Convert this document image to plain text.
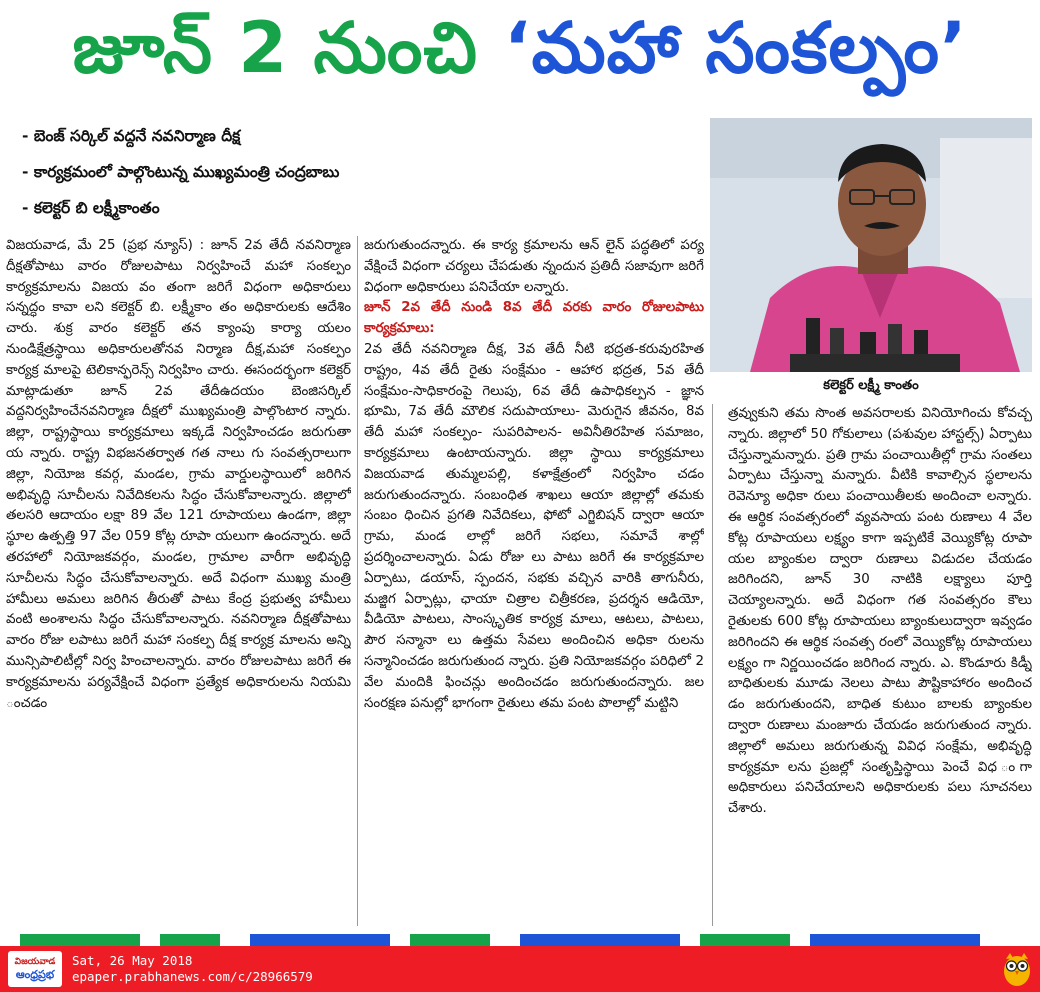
జూన్ 2 నుంచి ‘మహా సంకల్పం’
- బెంజ్ సర్కిల్ వద్దనే నవనిర్మాణ దీక్ష
- కార్యక్రమంలో పాల్గొంటున్న ముఖ్యమంత్రి చంద్రబాబు
- కలెక్టర్ బి లక్ష్మీకాంతం
కలెక్టర్ లక్ష్మీ కాంతం

విజయవాడ, మే 25 (ప్రభ న్యూస్) : జూన్ 2వ తేదీ నవనిర్మాణ దీక్షతోపాటు వారం రోజులపాటు నిర్వహించే మహా సంకల్పం కార్యక్రమాలను విజయ వం తంగా జరిగే విధంగా అధికారులు సన్నద్ధం కావా లని కలెక్టర్ బి. లక్ష్మీకాం తం అధికారులకు ఆదేశిం చారు. శుక్ర వారం కలెక్టర్ తన క్యాంపు కార్యా యలం నుండిక్షేత్రస్థాయి అధికారులతోనవ నిర్మాణ దీక్ష,మహా సంకల్పం కార్యక్ర మాలపై టెలికాన్ఫరెన్స్ నిర్వహిం చారు. ఈసందర్భంగా కలెక్టర్ మాట్లాడుతూ జూన్ 2వ తేదీఉదయం బెంజిసర్కిల్ వద్దనిర్వహించేనవనిర్మాణ దీక్షలో ముఖ్యమంత్రి పాల్గొంటార న్నారు. జిల్లా, రాష్ట్రస్థాయి కార్యక్రమాలు ఇక్కడే నిర్వహించడం జరుగుతా య న్నారు. రాష్ట్ర విభజనతర్వాత గత నాలు గు సంవత్సరాలుగా జిల్లా, నియోజ కవర్గ, మండల, గ్రామ వార్డులస్థాయిలో జరిగిన అభివృద్ధి సూచీలను నివేదికలను సిద్ధం చేసుకోవాలన్నారు. జిల్లాలో తలసరి ఆదాయం లక్షా 89 వేల 121 రూపాయలు ఉండగా, జిల్లా స్థూల ఉత్పత్తి 97 వేల 059 కోట్ల రూపా యలుగా ఉందన్నారు. అదే తరహాలో నియోజకవర్గం, మండల, గ్రామాల వారీగా అభివృద్ధి సూచీలను సిద్ధం చేసుకోవాలన్నారు. అదే విధంగా ముఖ్య మంత్రి హామీలు అమలు జరిగిన తీరుతో పాటు కేంద్ర ప్రభుత్వ హామీలు వంటి అంశాలను సిద్ధం చేసుకోవాలన్నారు. నవనిర్మాణ దీక్షతోపాటు వారం రోజు లపాటు జరిగే మహా సంకల్ప దీక్ష కార్యక్ర మాలను అన్ని మున్సిపాలిటీల్లో నిర్వ హించాలన్నారు. వారం రోజులపాటు జరిగే ఈ కార్యక్రమాలను పర్యవేక్షించే విధంగా ప్రత్యేక అధికారులను నియమి ంచడం

జరుగుతుందన్నారు. ఈ కార్య క్రమాలను ఆన్ లైన్ పద్ధతిలో పర్య వేక్షించే విధంగా చర్యలు చేపడుతు న్నందున ప్రతిదీ సజావుగా జరిగే విధంగా అధికారులు పనిచేయా లన్నారు.

జూన్ 2వ తేదీ నుండి 8వ తేదీ వరకు వారం రోజులపాటు కార్యక్రమాలు:

2వ తేదీ నవనిర్మాణ దీక్ష, 3వ తేదీ నీటి భద్రత-కరువురహిత రాష్ట్రం, 4వ తేదీ రైతు సంక్షేమం - ఆహార భద్రత, 5వ తేదీ సంక్షేమం-సాధికారంపై గెలుపు, 6వ తేదీ ఉపాధికల్పన - జ్ఞాన భూమి, 7వ తేదీ మౌలిక సదుపాయాలు- మెరుగైన జీవనం, 8వ తేదీ మహా సంకల్పం- సుపరిపాలన- అవినీతిరహిత సమాజం, కార్యక్రమాలు ఉంటాయన్నారు. జిల్లా స్థాయి కార్యక్రమాలు విజయవాడ తుమ్మలపల్లి, కళాక్షేత్రంలో నిర్వహిం చడం జరుగుతుందన్నారు. సంబంధిత శాఖలు ఆయా జిల్లాల్లో తమకు సంబం ధించిన ప్రగతి నివేదికలు, ఫోటో ఎగ్జిబిషన్ ద్వారా ఆయా గ్రామ, మండ లాల్లో జరిగే సభలు, సమావే శాల్లో ప్రదర్శించాలన్నారు. ఏడు రోజు లు పాటు జరిగే ఈ కార్యక్రమాల ఏర్పాటు, డయాస్, స్పందన, సభకు వచ్చిన వారికి తాగునీరు, మజ్జిగ ఏర్పాట్లు, ఛాయా చిత్రాల చిత్రీకరణ, ప్రదర్శన ఆడియో, వీడియో పాటలు, సాంస్కృతిక కార్యక్ర మాలు, ఆటలు, పాటలు, పౌర సన్మానా లు ఉత్తమ సేవలు అందించిన అధికా రులను సన్మానించడం జరుగుతుంద న్నారు. ప్రతి నియోజకవర్గం పరిధిలో 2 వేల మందికి ఫించన్లు అందించడం జరుగుతుందన్నారు. జల సంరక్షణ పనుల్లో భాగంగా రైతులు తమ పంట పొలాల్లో మట్టిని

త్రవ్వుకుని తమ సొంత అవసరాలకు వినియోగించు కోవచ్చ న్నారు. జిల్లాలో 50 గోకులాలు (పశువుల హాస్టల్స్) ఏర్పాటు చేస్తున్నామన్నారు. ప్రతి గ్రామ పంచాయితీల్లో గ్రామ సంతలు ఏర్పాటు చేస్తున్నా మన్నారు. వీటికి కావాల్సిన స్థలాలను రెవెన్యూ అధికా రులు పంచాయితీలకు అందించా లన్నారు. ఈ ఆర్థిక సంవత్సరంలో వ్యవసాయ పంట రుణాలు 4 వేల కోట్ల రూపాయలు లక్ష్యం కాగా ఇప్పటికే వెయ్యికోట్ల రూపా యల బ్యాంకుల ద్వారా రుణాలు విడుదల చేయడం జరిగిందని, జూన్ 30 నాటికి లక్ష్యాలు పూర్తి చెయ్యాలన్నారు. అదే విధంగా గత సంవత్సరం కౌలు రైతులకు 600 కోట్ల రూపాయలు బ్యాంకులుద్వారా ఇవ్వడం జరిగిందని ఈ ఆర్థిక సంవత్స రంలో వెయ్యికోట్ల రూపాయలు లక్ష్యం గా నిర్ణయించడం జరిగింద న్నారు. ఎ. కొండూరు కిడ్నీ బాధితులకు మూడు నెలలు పాటు పౌష్టికాహారం అందించ డం జరుగుతుందని, బాధిత కుటుం బాలకు బ్యాంకుల ద్వారా రుణాలు మంజూరు చేయడం జరుగుతుంద న్నారు. జిల్లాలో అమలు జరుగుతున్న వివిధ సంక్షేమ, అభివృద్ధి కార్యక్రమా లను ప్రజల్లో సంతృప్తిస్థాయి పెంచే విధ ంగా అధికారులు పనిచేయాలని అధికారులకు పలు సూచనలు చేశారు.

విజయవాడ
ఆంధ్రప్రభ
Sat, 26 May 2018
epaper.prabhanews.com/c/28966579
